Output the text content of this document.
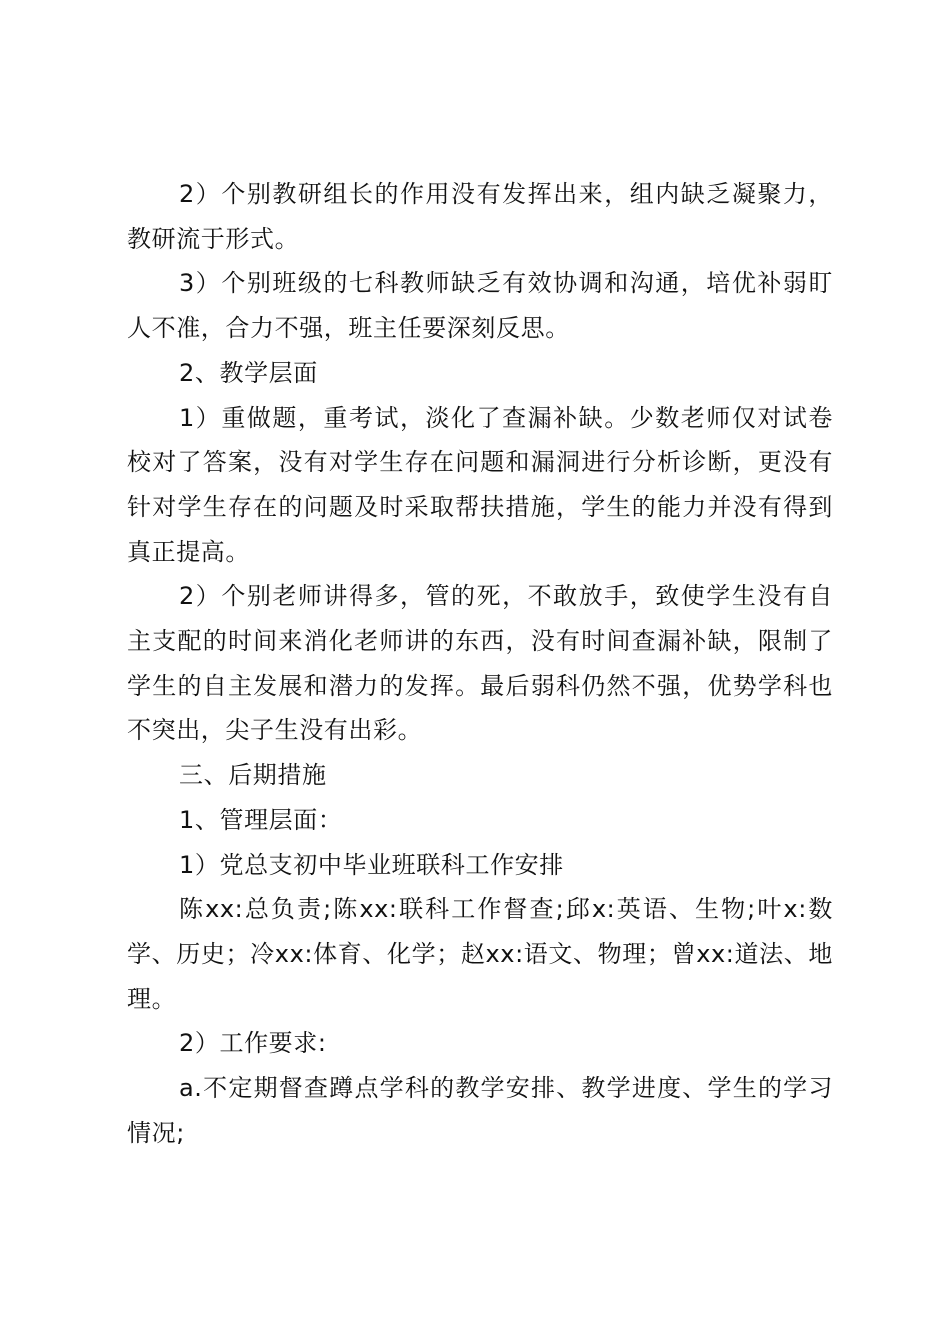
2）个别教研组长的作用没有发挥出来，组内缺乏凝聚力，教研流于形式。

3）个别班级的七科教师缺乏有效协调和沟通，培优补弱盯人不准，合力不强，班主任要深刻反思。

2、教学层面

1）重做题，重考试，淡化了查漏补缺。少数老师仅对试卷校对了答案，没有对学生存在问题和漏洞进行分析诊断，更没有针对学生存在的问题及时采取帮扶措施，学生的能力并没有得到真正提高。

2）个别老师讲得多，管的死，不敢放手，致使学生没有自主支配的时间来消化老师讲的东西，没有时间查漏补缺，限制了学生的自主发展和潜力的发挥。最后弱科仍然不强，优势学科也不突出，尖子生没有出彩。

三、后期措施

1、管理层面：

1）党总支初中毕业班联科工作安排

陈xx:总负责;陈xx:联科工作督查;邱x:英语、生物;叶x:数学、历史；冷xx:体育、化学；赵xx:语文、物理；曾xx:道法、地理。

2）工作要求:

a.不定期督查蹲点学科的教学安排、教学进度、学生的学习情况;
